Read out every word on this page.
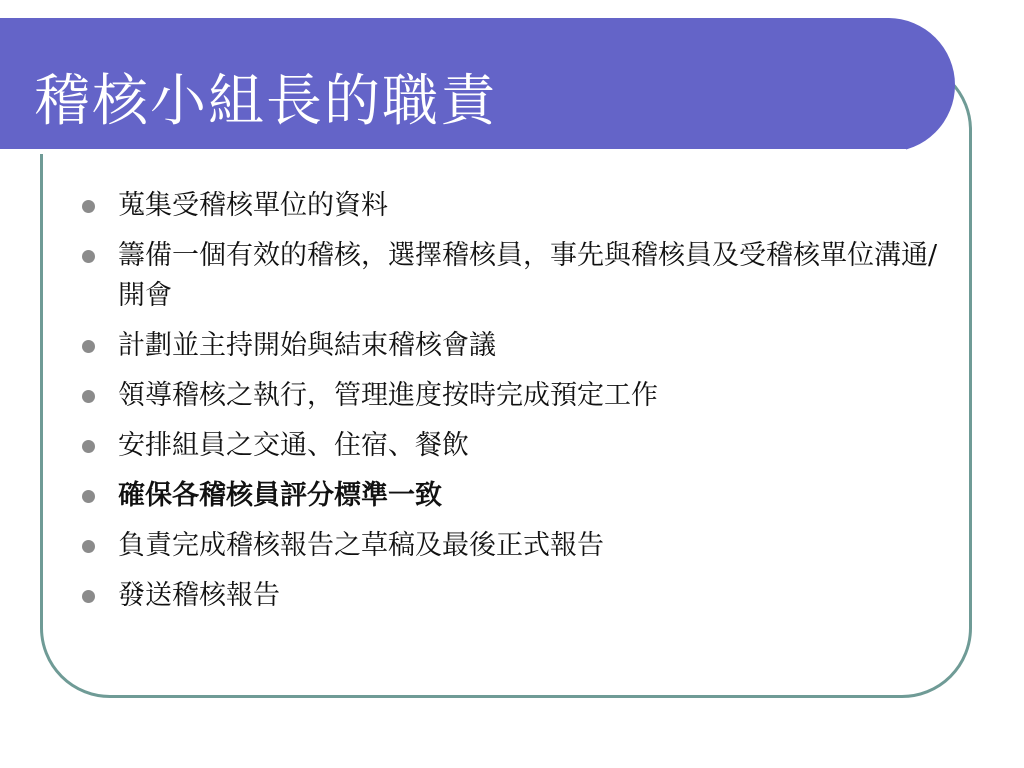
稽核小組長的職責
蒐集受稽核單位的資料
籌備一個有效的稽核，選擇稽核員，事先與稽核員及受稽核單位溝通/開會
計劃並主持開始與結束稽核會議
領導稽核之執行，管理進度按時完成預定工作
安排組員之交通、住宿、餐飲
確保各稽核員評分標準一致
負責完成稽核報告之草稿及最後正式報告
發送稽核報告
